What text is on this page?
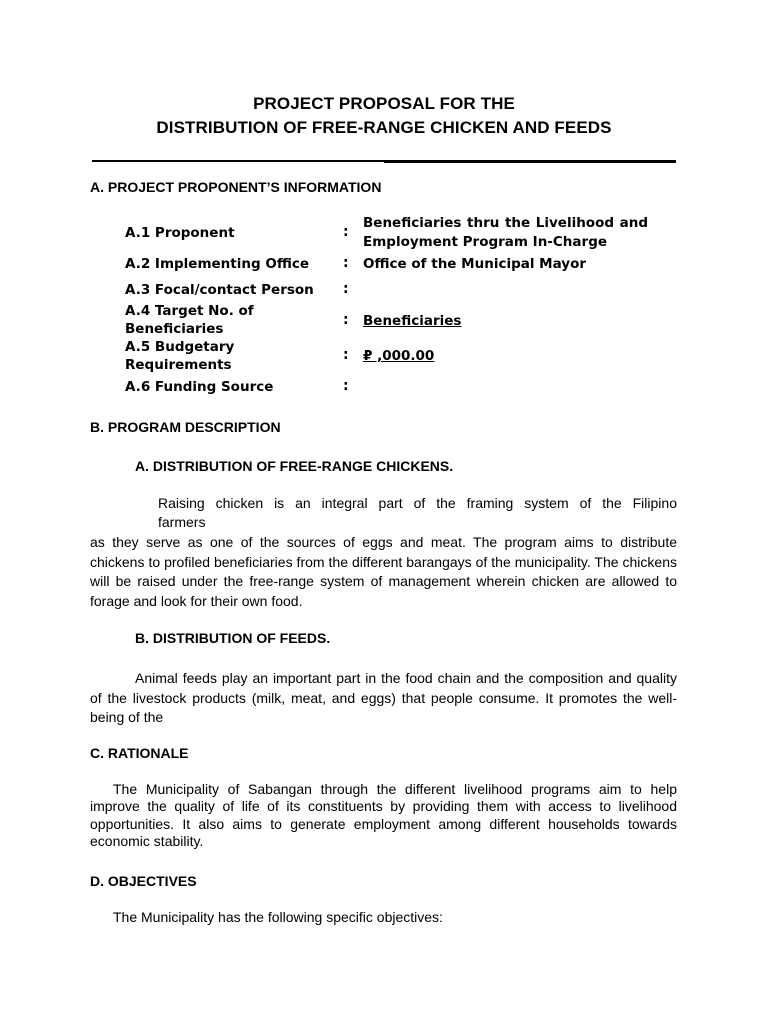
PROJECT PROPOSAL FOR THE
DISTRIBUTION OF FREE-RANGE CHICKEN AND FEEDS
A. PROJECT PROPONENT’S INFORMATION
A.1 Proponent	:
Beneficiaries thru the Livelihood and
Employment Program In-Charge
A.2 Implementing Office : Office of the Municipal Mayor
A.3 Focal/contact Person :
A.4 Target No. of
Beneficiaries
: Beneficiaries
A.5 Budgetary
Requirements
: ₽ ,000.00
A.6 Funding Source	:
B. PROGRAM DESCRIPTION
A. DISTRIBUTION OF FREE-RANGE CHICKENS.
Raising chicken is an integral part of the framing system of the Filipino
farmers
as they serve as one of the sources of eggs and meat. The program aims to distribute chickens to profiled beneficiaries from the different barangays of the municipality. The chickens will be raised under the free-range system of management wherein chicken are allowed to forage and look for their own food.
B. DISTRIBUTION OF FEEDS.
Animal feeds play an important part in the food chain and the composition and quality of the livestock products (milk, meat, and eggs) that people consume. It promotes the well-being of the
C. RATIONALE
The Municipality of Sabangan through the different livelihood programs aim to help improve the quality of life of its constituents by providing them with access to livelihood opportunities. It also aims to generate employment among different households towards economic stability.
D. OBJECTIVES
The Municipality has the following specific objectives:
